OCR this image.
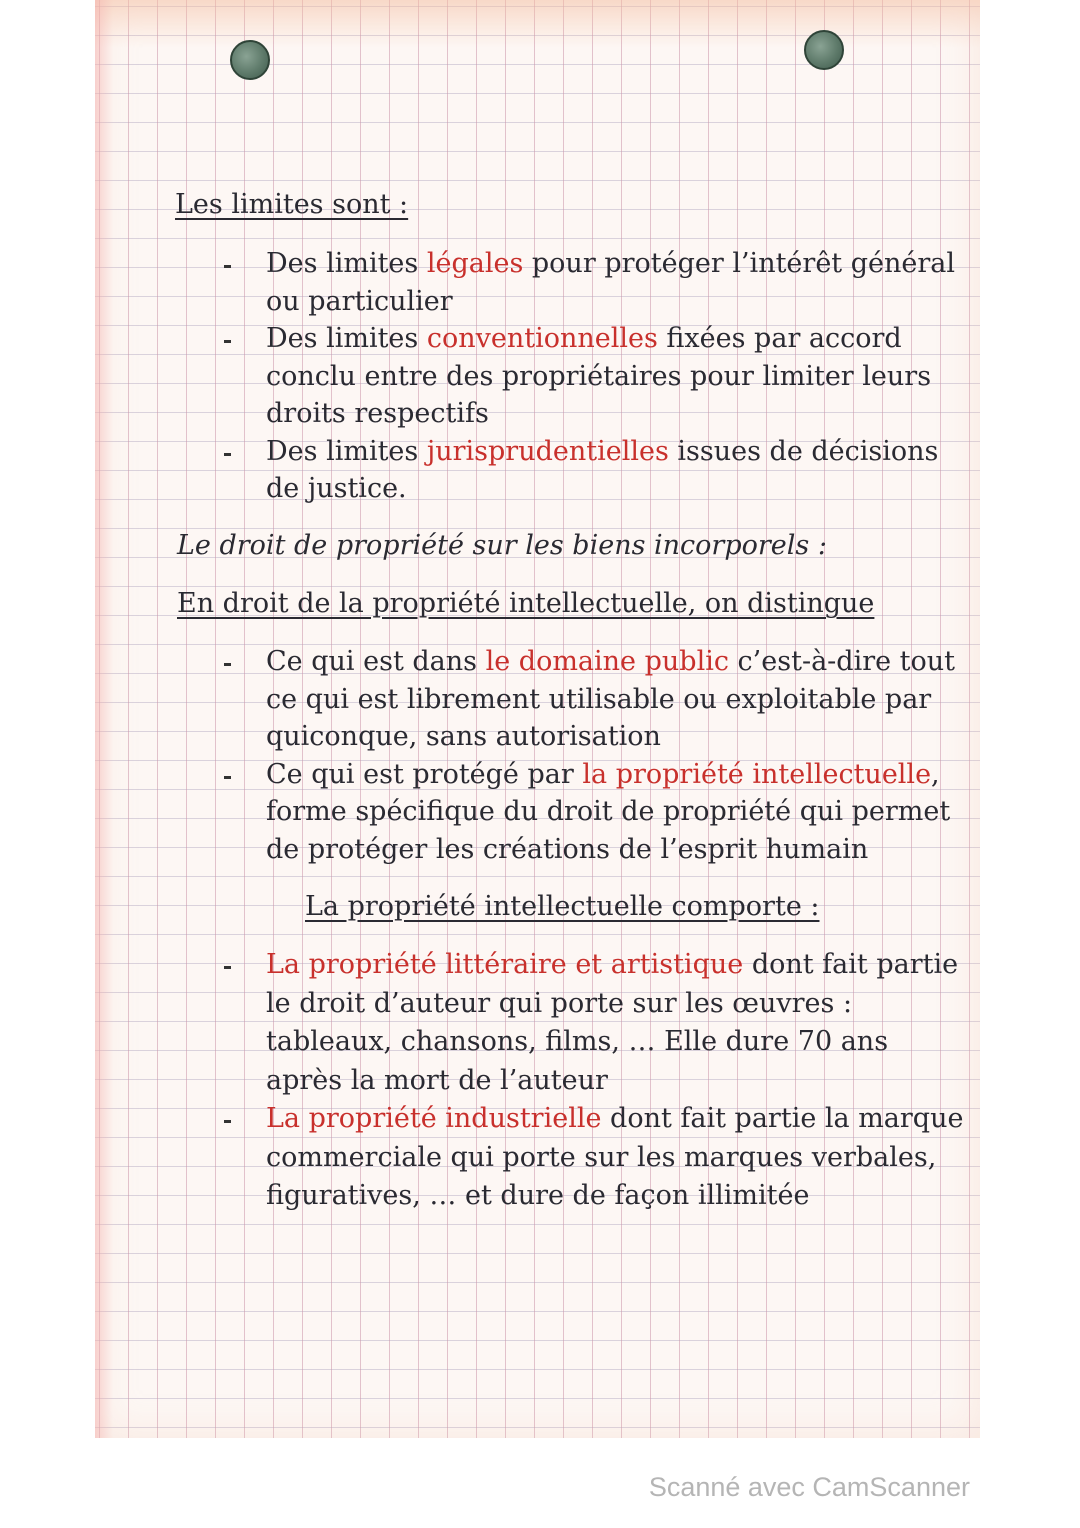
Les limites sont :
Des limites légales pour protéger l’intérêt général
ou particulier
Des limites conventionnelles fixées par accord
conclu entre des propriétaires pour limiter leurs
droits respectifs
Des limites jurisprudentielles issues de décisions
de justice.
Le droit de propriété sur les biens incorporels :
En droit de la propriété intellectuelle, on distingue
Ce qui est dans le domaine public c’est-à-dire tout
ce qui est librement utilisable ou exploitable par
quiconque, sans autorisation
Ce qui est protégé par la propriété intellectuelle,
forme spécifique du droit de propriété qui permet
de protéger les créations de l’esprit humain
La propriété intellectuelle comporte :
La propriété littéraire et artistique dont fait partie
le droit d’auteur qui porte sur les œuvres :
tableaux, chansons, films, … Elle dure 70 ans
après la mort de l’auteur
La propriété industrielle dont fait partie la marque
commerciale qui porte sur les marques verbales,
figuratives, … et dure de façon illimitée
Scanné avec CamScanner
